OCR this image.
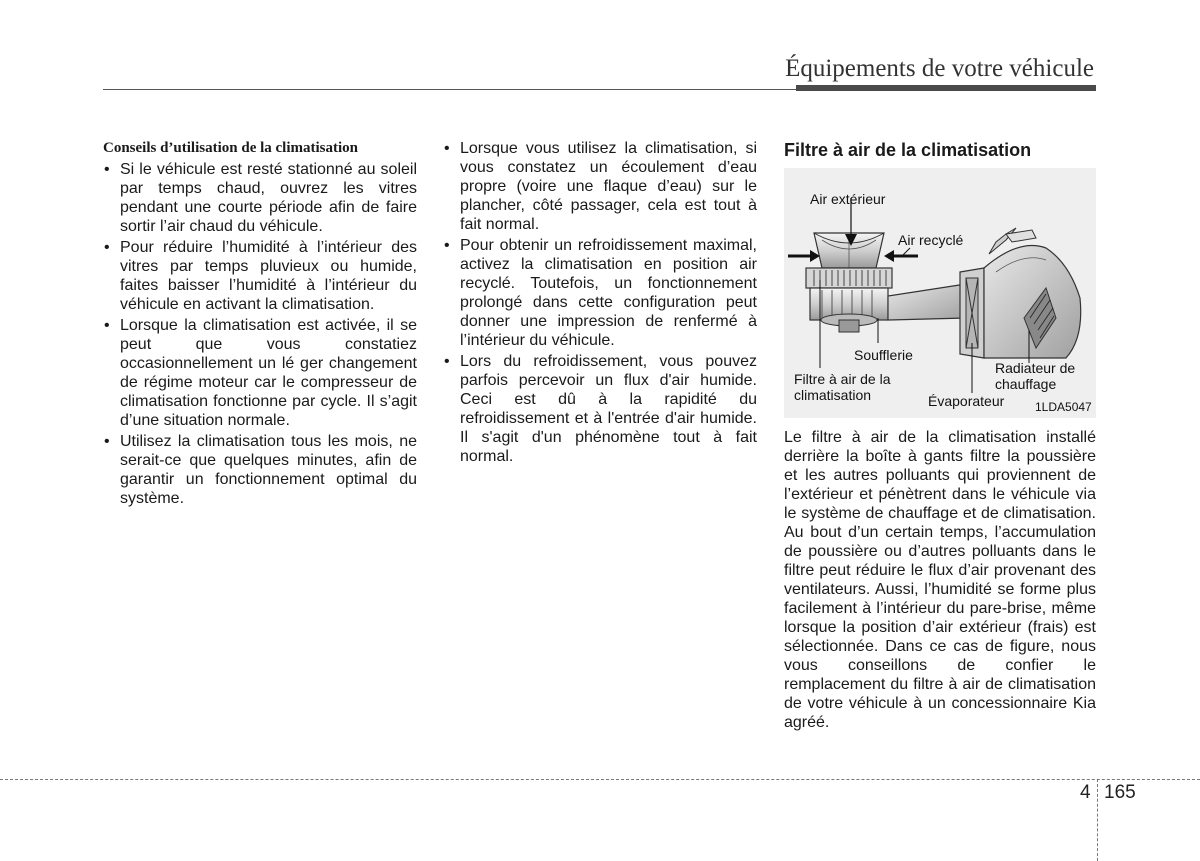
Équipements de votre véhicule
Conseils d’utilisation de la climatisation
• Si le véhicule est resté stationné au soleil par temps chaud, ouvrez les vitres pendant une courte période afin de faire sortir l’air chaud du véhicule.
• Pour réduire l’humidité à l’intérieur des vitres par temps pluvieux ou humide, faites baisser l’humidité à l’intérieur du véhicule en activant la climatisation.
• Lorsque la climatisation est activée, il se peut que vous constatiez occasionnellement un lé ger changement de régime moteur car le compresseur de climatisation fonctionne par cycle. Il s’agit d’une situation normale.
• Utilisez la climatisation tous les mois, ne serait-ce que quelques minutes, afin de garantir un fonctionnement optimal du système.
• Lorsque vous utilisez la climatisation, si vous constatez un écoulement d’eau propre (voire une flaque d’eau) sur le plancher, côté passager, cela est tout à fait normal.
• Pour obtenir un refroidissement maximal, activez la climatisation en position air recyclé. Toutefois, un fonctionnement prolongé dans cette configuration peut donner une impression de renfermé à l’intérieur du véhicule.
• Lors du refroidissement, vous pouvez parfois percevoir un flux d'air humide. Ceci est dû à la rapidité du refroidissement et à l'entrée d'air humide. Il s'agit d'un phénomène tout à fait normal.
Filtre à air de la climatisation
Air extérieur
Air recyclé
Soufflerie
Filtre à air de la
climatisation	Évaporateur
Radiateur de
chauffage
1LDA5047
Le filtre à air de la climatisation installé derrière la boîte à gants filtre la poussière et les autres polluants qui proviennent de l’extérieur et pénètrent dans le véhicule via le système de chauffage et de climatisation. Au bout d’un certain temps, l’accumulation de poussière ou d’autres polluants dans le filtre peut réduire le flux d’air provenant des ventilateurs. Aussi, l’humidité se forme plus facilement à l’intérieur du pare-brise, même lorsque la position d’air extérieur (frais) est sélectionnée. Dans ce cas de figure, nous vous conseillons de confier le remplacement du filtre à air de climatisation de votre véhicule à un concessionnaire Kia agréé.
4 165
